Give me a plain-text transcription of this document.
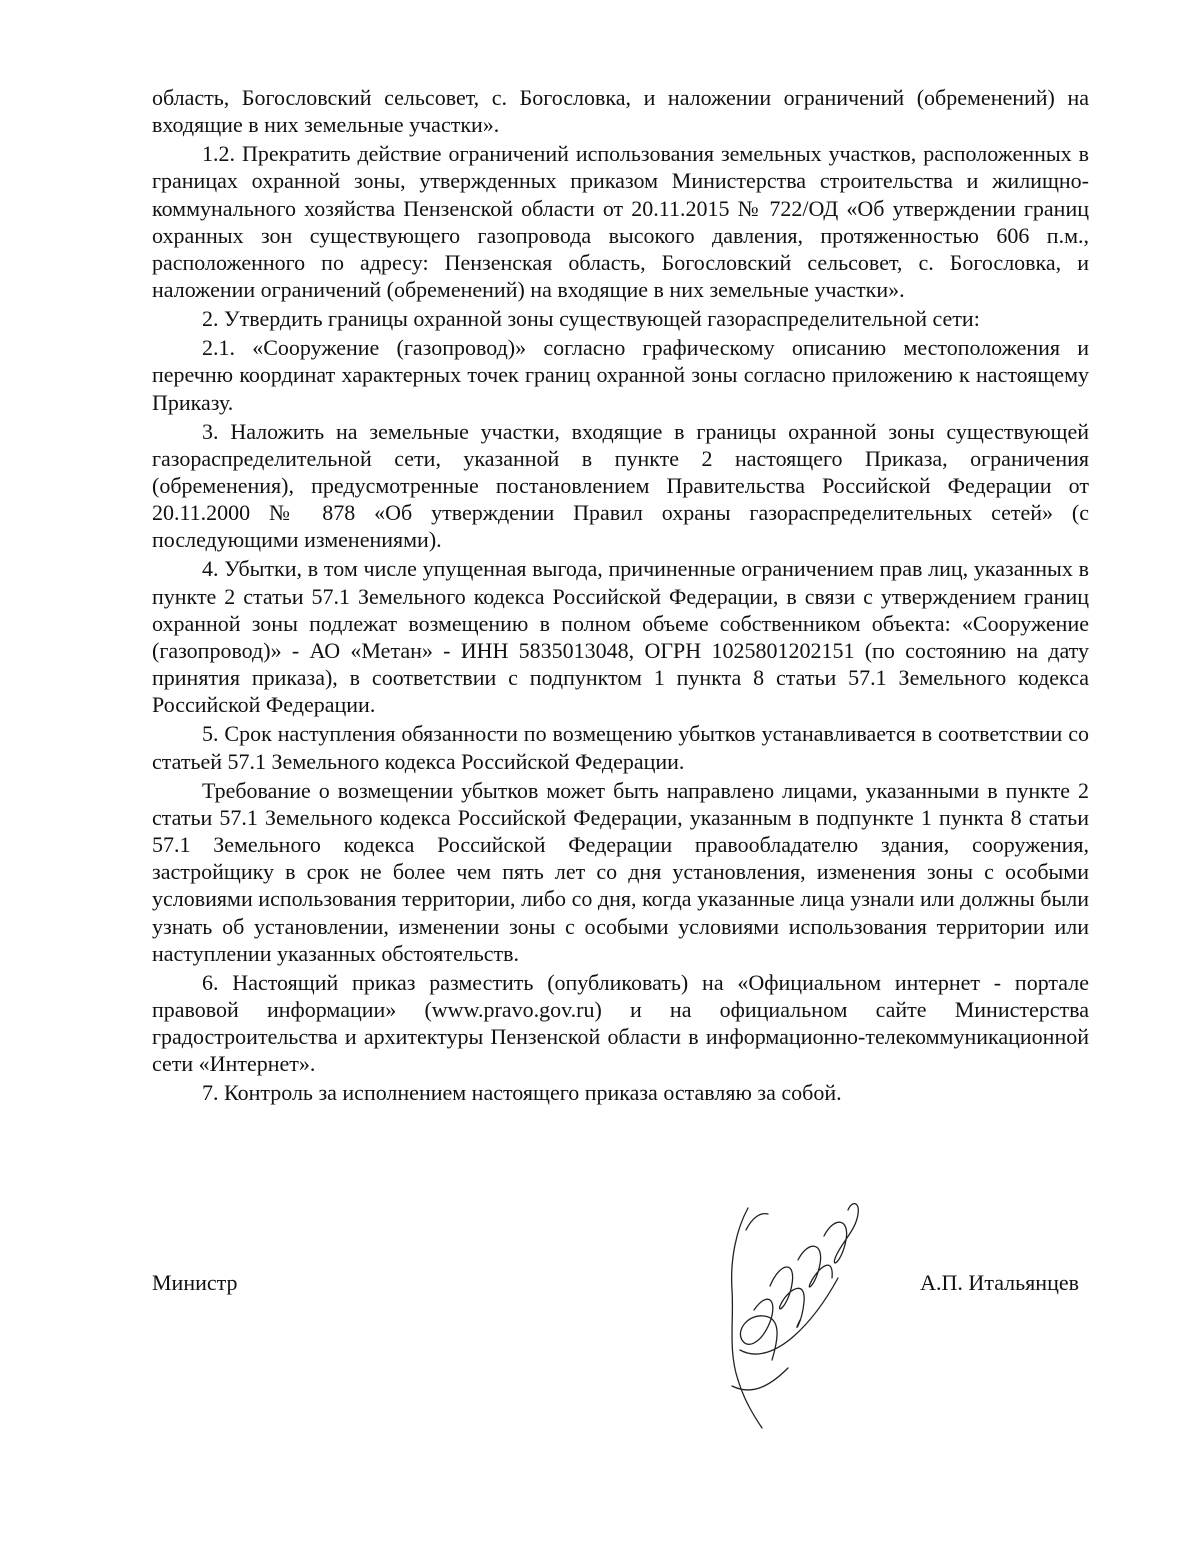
область, Богословский сельсовет, с. Богословка, и наложении ограничений (обременений) на входящие в них земельные участки».

1.2. Прекратить действие ограничений использования земельных участков, расположенных в границах охранной зоны, утвержденных приказом Министерства строительства и жилищно-коммунального хозяйства Пензенской области от 20.11.2015 № 722/ОД «Об утверждении границ охранных зон существующего газопровода высокого давления, протяженностью 606 п.м., расположенного по адресу: Пензенская область, Богословский сельсовет, с. Богословка, и наложении ограничений (обременений) на входящие в них земельные участки».

2. Утвердить границы охранной зоны существующей газораспределительной сети:

2.1. «Сооружение (газопровод)» согласно графическому описанию местоположения и перечню координат характерных точек границ охранной зоны согласно приложению к настоящему Приказу.

3. Наложить на земельные участки, входящие в границы охранной зоны существующей газораспределительной сети, указанной в пункте 2 настоящего Приказа, ограничения (обременения), предусмотренные постановлением Правительства Российской Федерации от 20.11.2000 № 878 «Об утверждении Правил охраны газораспределительных сетей» (с последующими изменениями).

4. Убытки, в том числе упущенная выгода, причиненные ограничением прав лиц, указанных в пункте 2 статьи 57.1 Земельного кодекса Российской Федерации, в связи с утверждением границ охранной зоны подлежат возмещению в полном объеме собственником объекта: «Сооружение (газопровод)» - АО «Метан» - ИНН 5835013048, ОГРН 1025801202151 (по состоянию на дату принятия приказа), в соответствии с подпунктом 1 пункта 8 статьи 57.1 Земельного кодекса Российской Федерации.

5. Срок наступления обязанности по возмещению убытков устанавливается в соответствии со статьей 57.1 Земельного кодекса Российской Федерации.

Требование о возмещении убытков может быть направлено лицами, указанными в пункте 2 статьи 57.1 Земельного кодекса Российской Федерации, указанным в подпункте 1 пункта 8 статьи 57.1 Земельного кодекса Российской Федерации правообладателю здания, сооружения, застройщику в срок не более чем пять лет со дня установления, изменения зоны с особыми условиями использования территории, либо со дня, когда указанные лица узнали или должны были узнать об установлении, изменении зоны с особыми условиями использования территории или наступлении указанных обстоятельств.

6. Настоящий приказ разместить (опубликовать) на «Официальном интернет - портале правовой информации» (www.pravo.gov.ru) и на официальном сайте Министерства градостроительства и архитектуры Пензенской области в информационно-телекоммуникационной сети «Интернет».

7. Контроль за исполнением настоящего приказа оставляю за собой.

Министр	А.П. Итальянцев
